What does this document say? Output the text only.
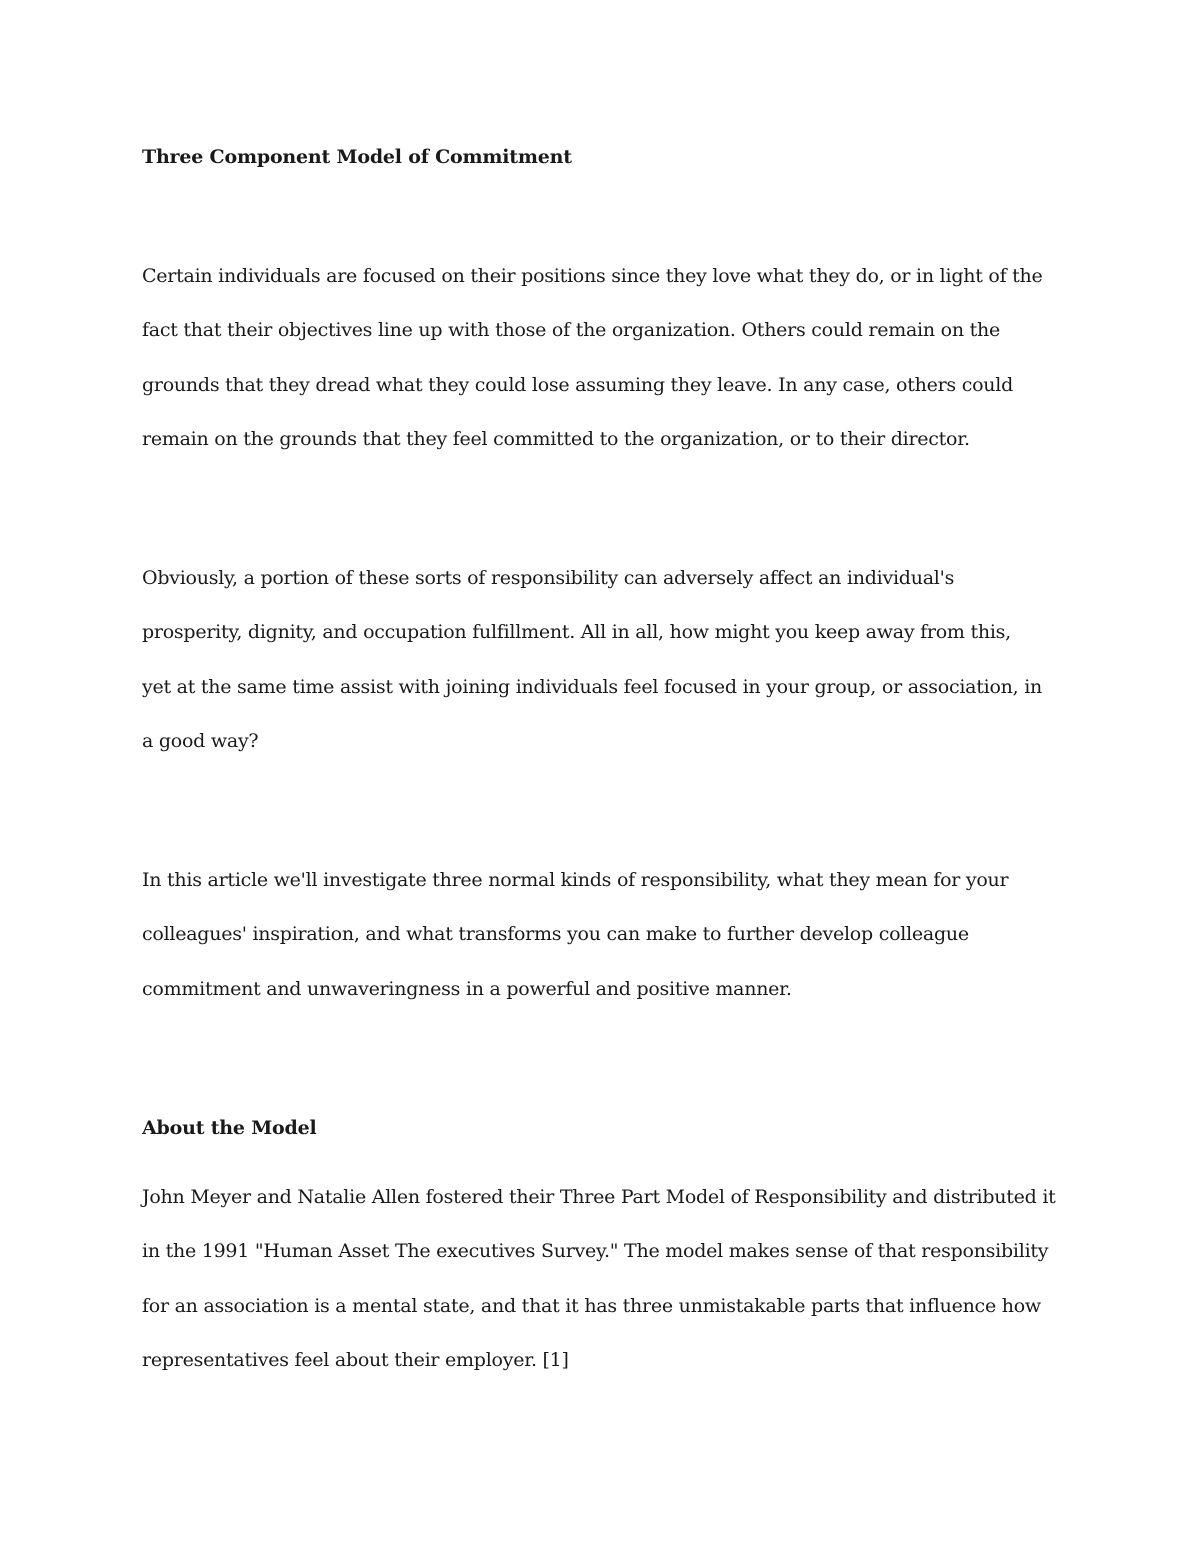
Three Component Model of Commitment

Certain individuals are focused on their positions since they love what they do, or in light of the
fact that their objectives line up with those of the organization. Others could remain on the
grounds that they dread what they could lose assuming they leave. In any case, others could
remain on the grounds that they feel committed to the organization, or to their director.

Obviously, a portion of these sorts of responsibility can adversely affect an individual's
prosperity, dignity, and occupation fulfillment. All in all, how might you keep away from this,
yet at the same time assist with joining individuals feel focused in your group, or association, in
a good way?

In this article we'll investigate three normal kinds of responsibility, what they mean for your
colleagues' inspiration, and what transforms you can make to further develop colleague
commitment and unwaveringness in a powerful and positive manner.

About the Model

John Meyer and Natalie Allen fostered their Three Part Model of Responsibility and distributed it
in the 1991 "Human Asset The executives Survey." The model makes sense of that responsibility
for an association is a mental state, and that it has three unmistakable parts that influence how
representatives feel about their employer. [1]
